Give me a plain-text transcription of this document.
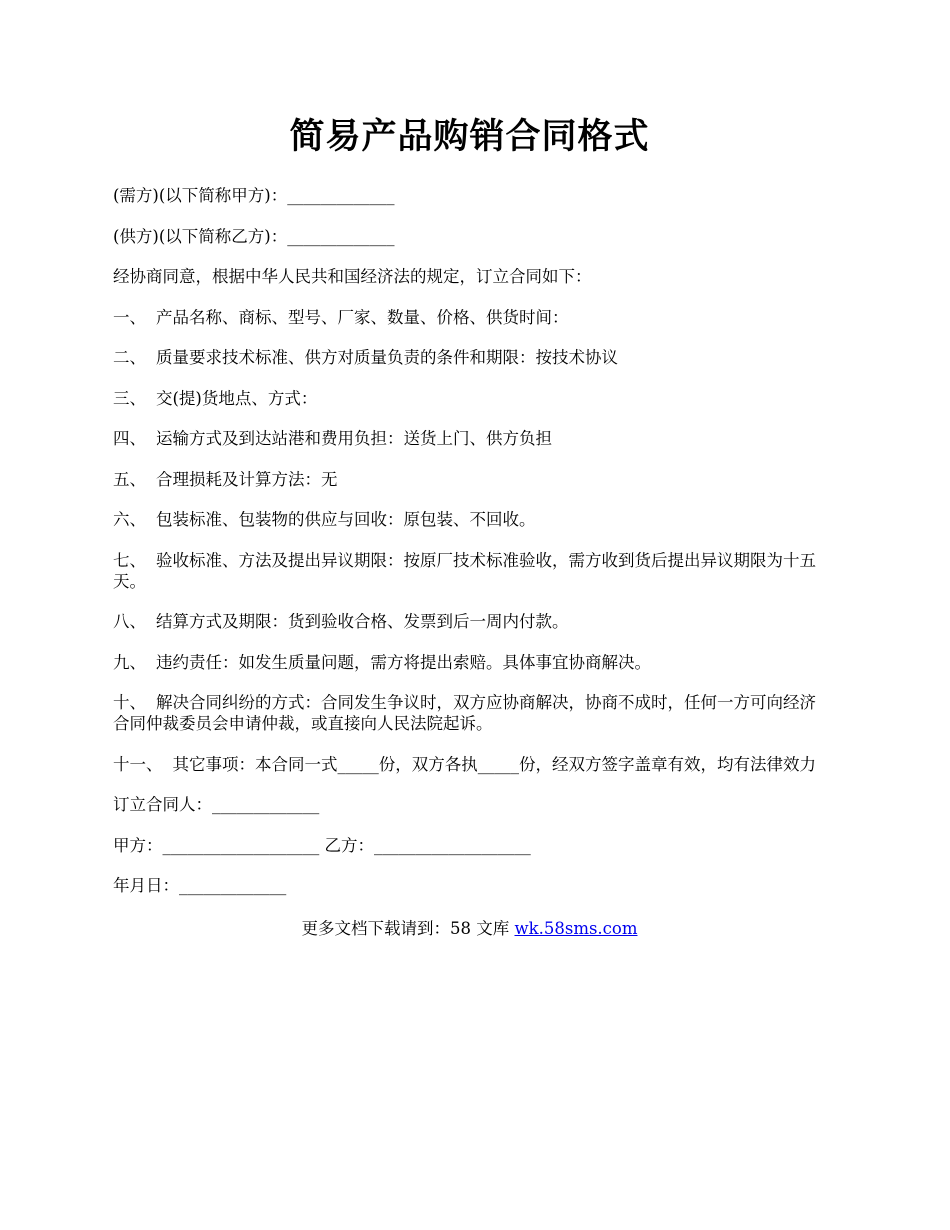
简易产品购销合同格式
(需方)(以下简称甲方)：_____________
(供方)(以下简称乙方)：_____________
经协商同意，根据中华人民共和国经济法的规定，订立合同如下：
一、 产品名称、商标、型号、厂家、数量、价格、供货时间：
二、 质量要求技术标准、供方对质量负责的条件和期限：按技术协议
三、 交(提)货地点、方式：
四、 运输方式及到达站港和费用负担：送货上门、供方负担
五、 合理损耗及计算方法：无
六、 包装标准、包装物的供应与回收：原包装、不回收。
七、 验收标准、方法及提出异议期限：按原厂技术标准验收，需方收到货后提出异议期限为十五天。
八、 结算方式及期限：货到验收合格、发票到后一周内付款。
九、 违约责任：如发生质量问题，需方将提出索赔。具体事宜协商解决。
十、 解决合同纠纷的方式：合同发生争议时，双方应协商解决，协商不成时，任何一方可向经济合同仲裁委员会申请仲裁，或直接向人民法院起诉。
十一、 其它事项：本合同一式_____份，双方各执_____份，经双方签字盖章有效，均有法律效力
订立合同人：_____________
甲方：___________________ 乙方：___________________
年月日：_____________
更多文档下载请到：58 文库 wk.58sms.com
